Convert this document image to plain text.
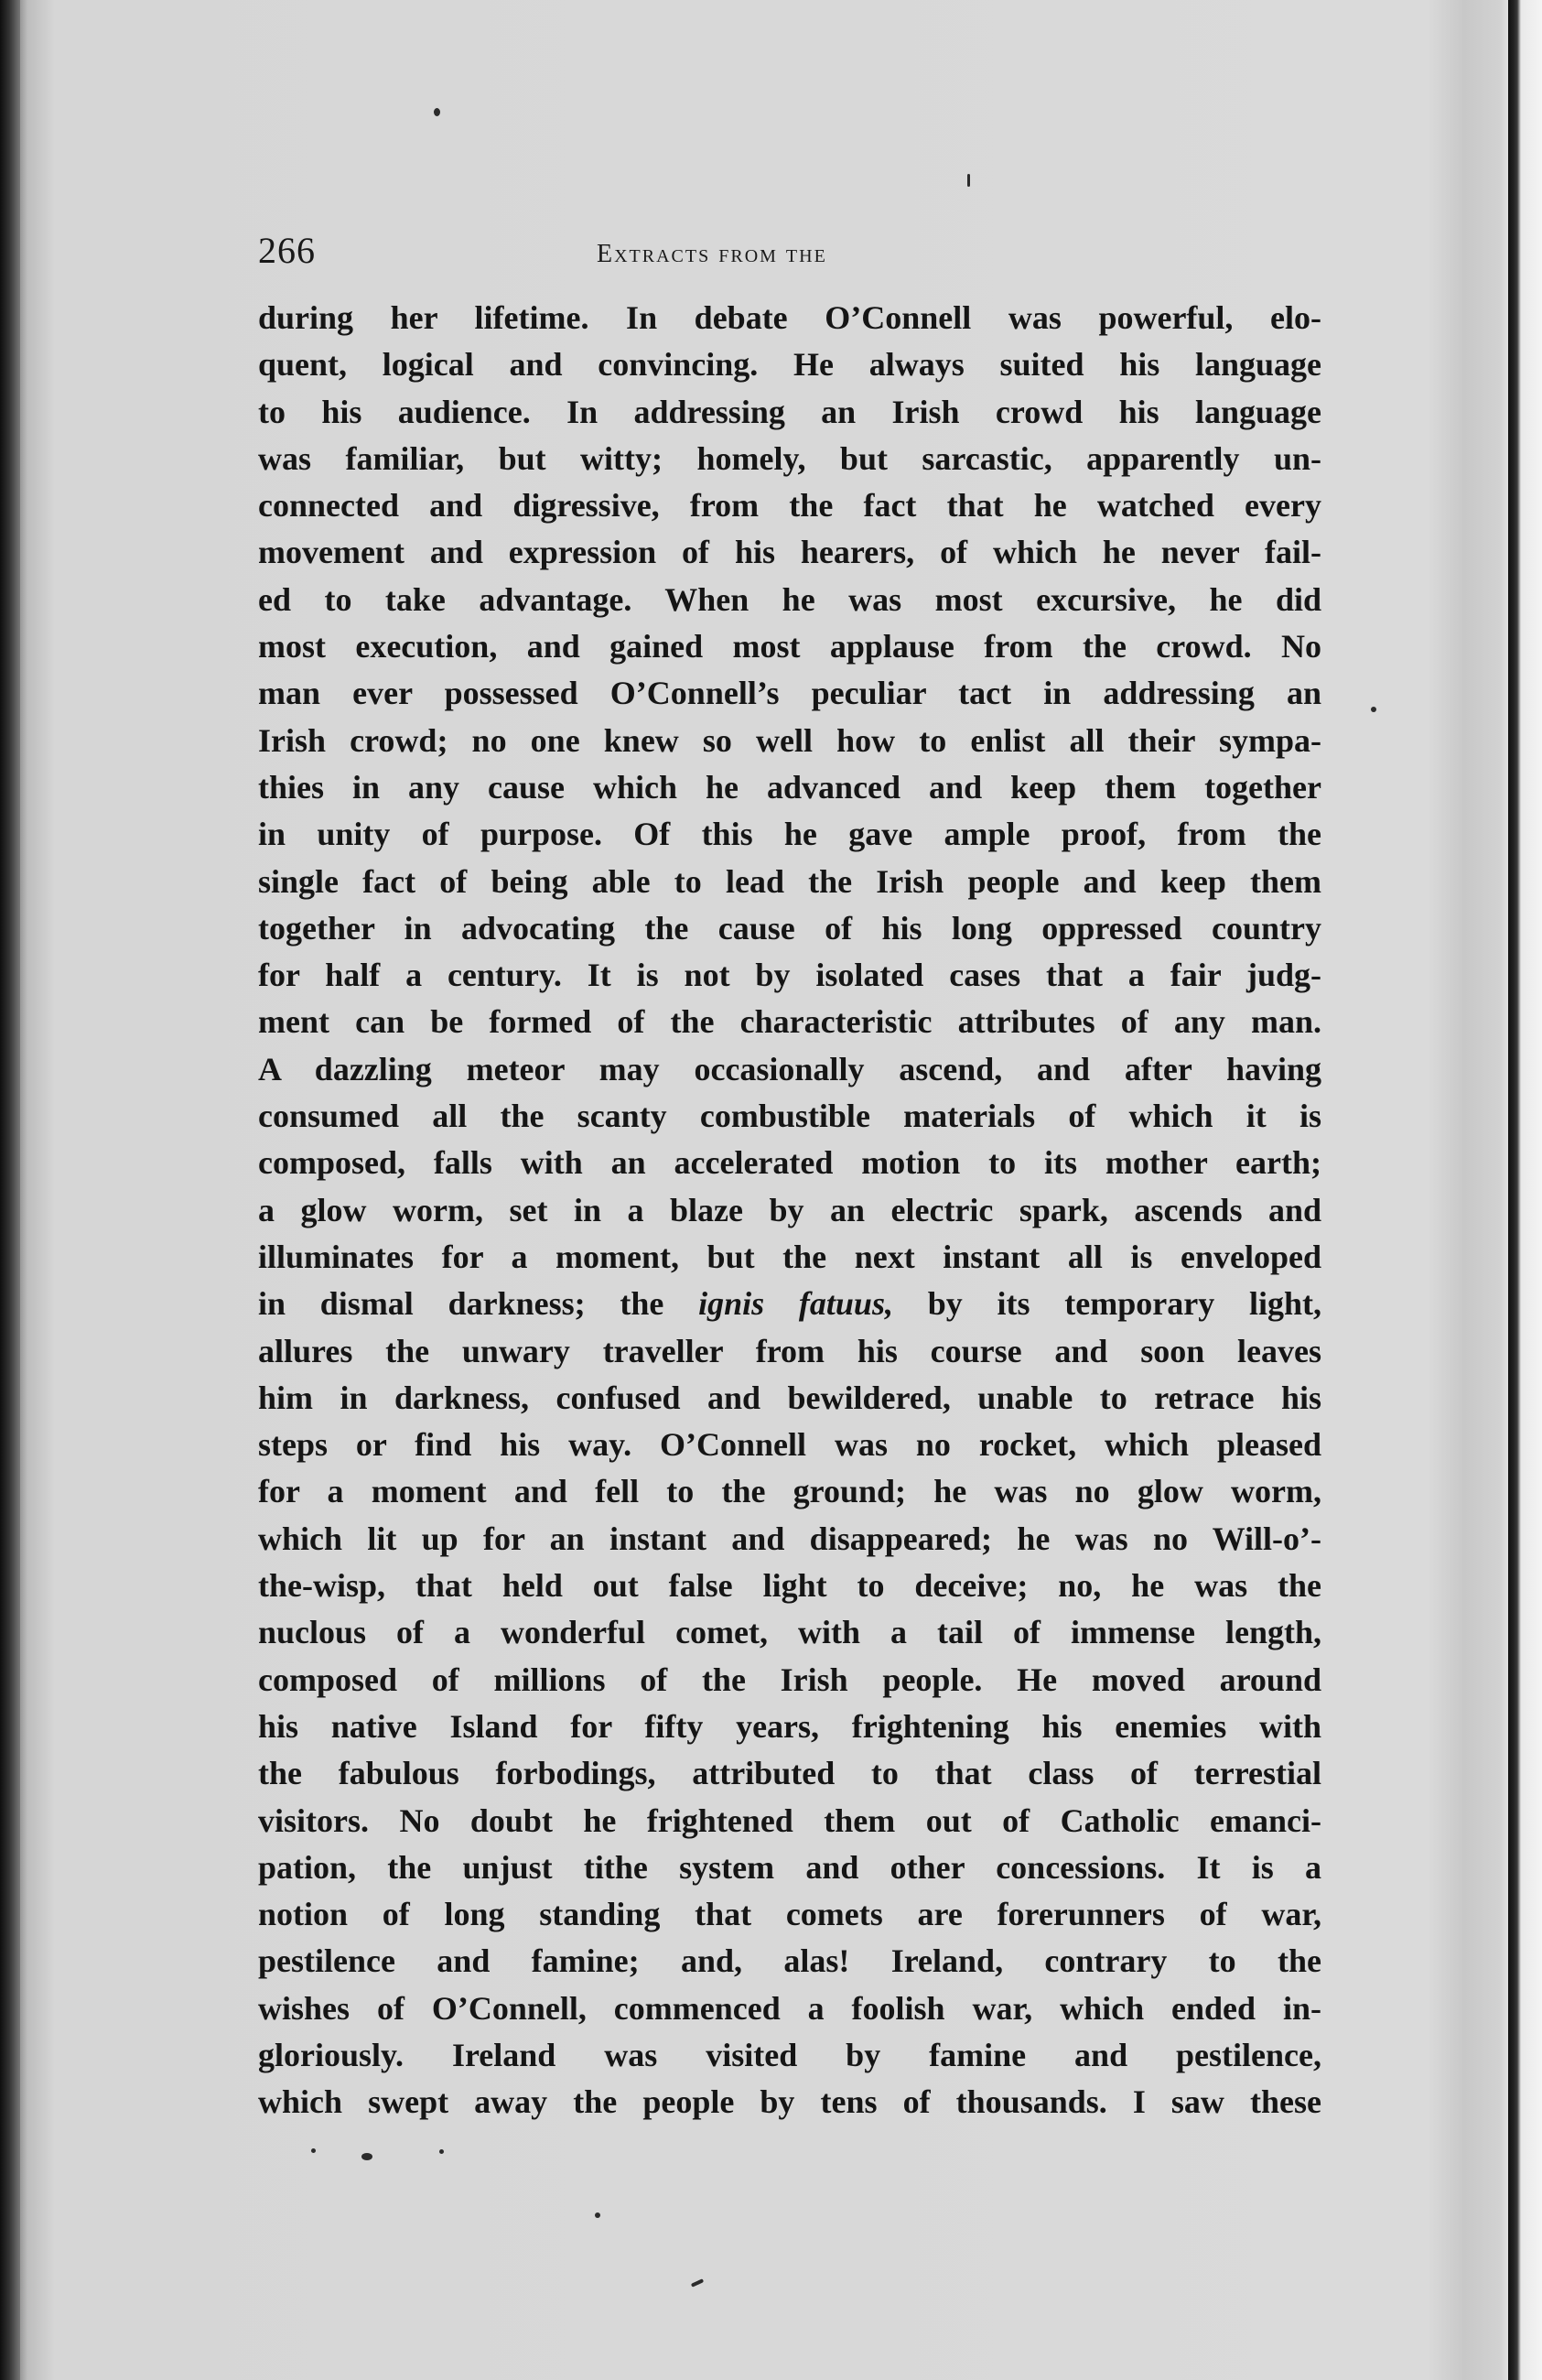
266	Extracts from the
during her lifetime. In debate O’Connell was powerful, elo-
quent, logical and convincing. He always suited his language
to his audience. In addressing an Irish crowd his language
was familiar, but witty; homely, but sarcastic, apparently un-
connected and digressive, from the fact that he watched every
movement and expression of his hearers, of which he never fail-
ed to take advantage. When he was most excursive, he did
most execution, and gained most applause from the crowd. No
man ever possessed O’Connell’s peculiar tact in addressing an
Irish crowd; no one knew so well how to enlist all their sympa-
thies in any cause which he advanced and keep them together
in unity of purpose. Of this he gave ample proof, from the
single fact of being able to lead the Irish people and keep them
together in advocating the cause of his long oppressed country
for half a century. It is not by isolated cases that a fair judg-
ment can be formed of the characteristic attributes of any man.
A dazzling meteor may occasionally ascend, and after having
consumed all the scanty combustible materials of which it is
composed, falls with an accelerated motion to its mother earth;
a glow worm, set in a blaze by an electric spark, ascends and
illuminates for a moment, but the next instant all is enveloped
in dismal darkness; the ignis fatuus, by its temporary light,
allures the unwary traveller from his course and soon leaves
him in darkness, confused and bewildered, unable to retrace his
steps or find his way. O’Connell was no rocket, which pleased
for a moment and fell to the ground; he was no glow worm,
which lit up for an instant and disappeared; he was no Will-o’-
the-wisp, that held out false light to deceive; no, he was the
nuclous of a wonderful comet, with a tail of immense length,
composed of millions of the Irish people. He moved around
his native Island for fifty years, frightening his enemies with
the fabulous forbodings, attributed to that class of terrestial
visitors. No doubt he frightened them out of Catholic emanci-
pation, the unjust tithe system and other concessions. It is a
notion of long standing that comets are forerunners of war,
pestilence and famine; and, alas! Ireland, contrary to the
wishes of O’Connell, commenced a foolish war, which ended in-
gloriously. Ireland was visited by famine and pestilence,
which swept away the people by tens of thousands. I saw these
